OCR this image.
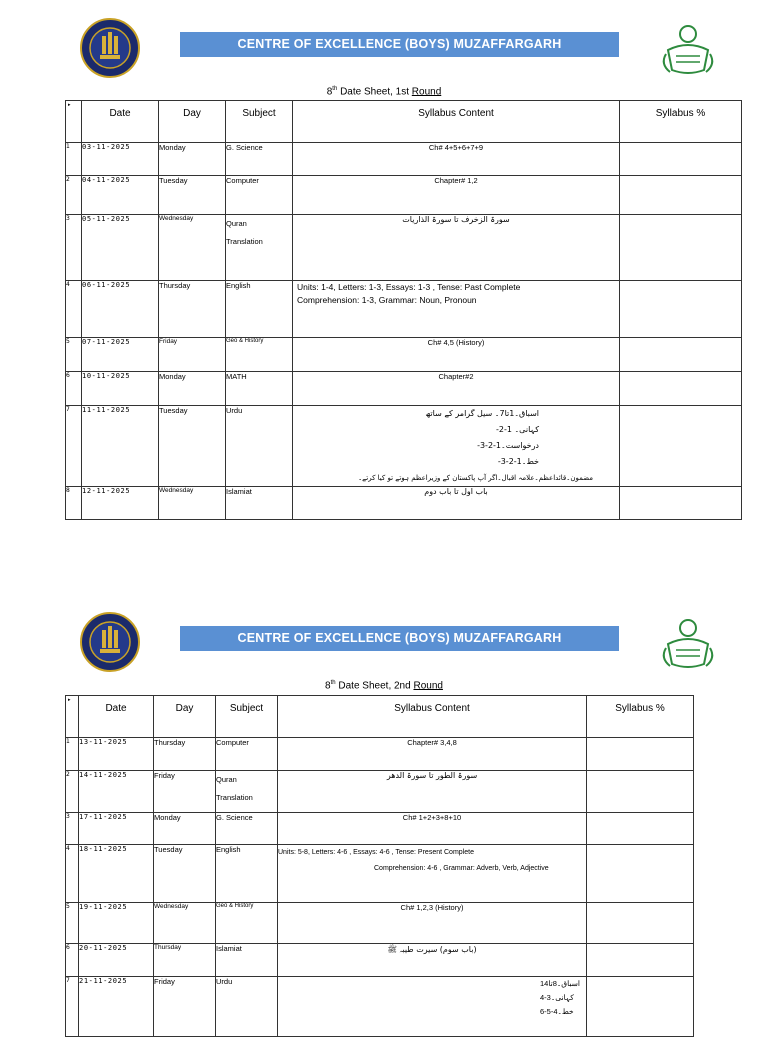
CENTRE OF EXCELLENCE (BOYS) MUZAFFARGARH
8th Date Sheet, 1st Round
▸	Date	Day	Subject	Syllabus Content	Syllabus %
1	03-11-2025	Monday	G. Science	Ch# 4+5+6+7+9	
2	04-11-2025	Tuesday	Computer	Chapter# 1,2	
3	05-11-2025	Wednesday	Quran
Translation	سورۃ الزخرف تا سورۃ الذاریات	
4	06-11-2025	Thursday	English	Units: 1-4, Letters: 1-3, Essays: 1-3 , Tense: Past Complete
Comprehension: 1-3, Grammar: Noun, Pronoun	

5	07-11-2025	Friday	Geo & History	Ch# 4,5 (History)	
6	10-11-2025	Monday	MATH	Chapter#2	
7	11-11-2025	Tuesday	Urdu	اسباق۔1تا7۔ سیل گرامر کے ساتھ
کہانی۔ 1-2-
درخواست۔1-2-3-
خط۔1-2-3-
مضمون۔قائداعظم۔علامہ اقبال۔اگر آپ پاکستان کے وزیراعظم ہوتے تو کیا کرتے۔	

8	12-11-2025	Wednesday	Islamiat	باب اول تا باب دوم	
CENTRE OF EXCELLENCE (BOYS) MUZAFFARGARH
8th Date Sheet, 2nd Round
▸	Date	Day	Subject	Syllabus Content	Syllabus %
1	13-11-2025	Thursday	Computer	Chapter# 3,4,8	
2	14-11-2025	Friday	Quran
Translation	سورۃ الطور تا سورۃ الدھر	
3	17-11-2025	Monday	G. Science	Ch# 1+2+3+8+10	
4	18-11-2025	Tuesday	English	Units: 5-8, Letters: 4-6 , Essays: 4-6 , Tense: Present Complete
Comprehension: 4-6 , Grammar: Adverb, Verb, Adjective	

5	19-11-2025	Wednesday	Geo & History	Ch# 1,2,3 (History)	
6	20-11-2025	Thursday	Islamiat	(باب سوم) سیرت طیبہ ﷺ	
7	21-11-2025	Friday	Urdu	اسباق۔8تا14
کہانی۔3-4
خط۔4-5-6	
